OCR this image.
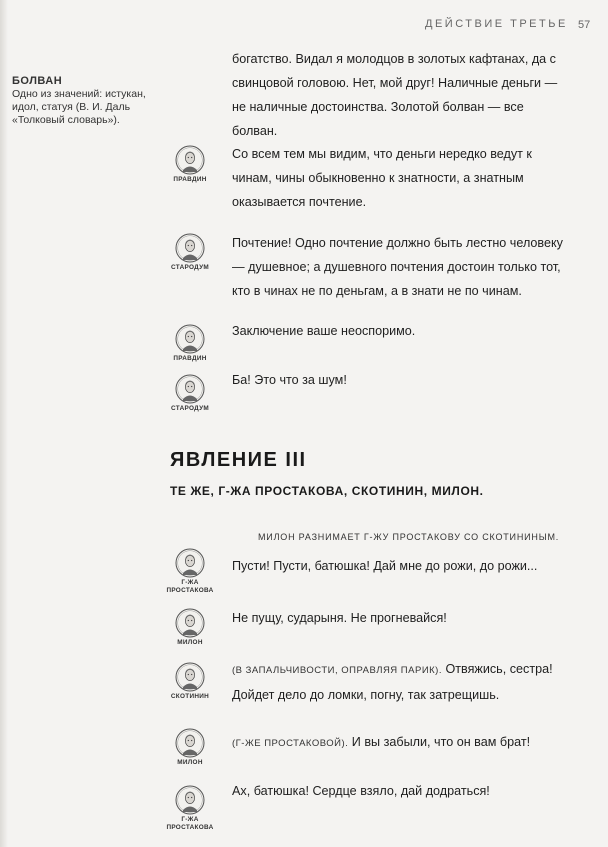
ДЕЙСТВИЕ ТРЕТЬЕ 57
БОЛВАН
Одно из значений: истукан, идол, статуя (В. И. Даль «Толковый словарь»).
богатство. Видал я молодцов в золотых кафтанах, да с свинцовой головою. Нет, мой друг! Наличные деньги — не наличные достоинства. Золотой болван — все болван.
ПРАВДИН
Со всем тем мы видим, что деньги нередко ведут к чинам, чины обыкновенно к знатности, а знатным оказывается почтение.
СТАРОДУМ
Почтение! Одно почтение должно быть лестно человеку — душевное; а душевного почтения достоин только тот, кто в чинах не по деньгам, а в знати не по чинам.
ПРАВДИН
Заключение ваше неоспоримо.
СТАРОДУМ
Ба! Это что за шум!
ЯВЛЕНИЕ III
ТЕ ЖЕ, Г-ЖА ПРОСТАКОВА, СКОТИНИН, МИЛОН.
МИЛОН РАЗНИМАЕТ Г-ЖУ ПРОСТАКОВУ СО СКОТИНИНЫМ.
Г-ЖА ПРОСТАКОВА
Пусти! Пусти, батюшка! Дай мне до рожи, до рожи...
МИЛОН
Не пущу, сударыня. Не прогневайся!
СКОТИНИН
(В ЗАПАЛЬЧИВОСТИ, ОПРАВЛЯЯ ПАРИК). Отвяжись, сестра! Дойдет дело до ломки, погну, так затрещишь.
МИЛОН
(Г-ЖЕ ПРОСТАКОВОЙ). И вы забыли, что он вам брат!
Г-ЖА ПРОСТАКОВА
Ах, батюшка! Сердце взяло, дай додраться!
